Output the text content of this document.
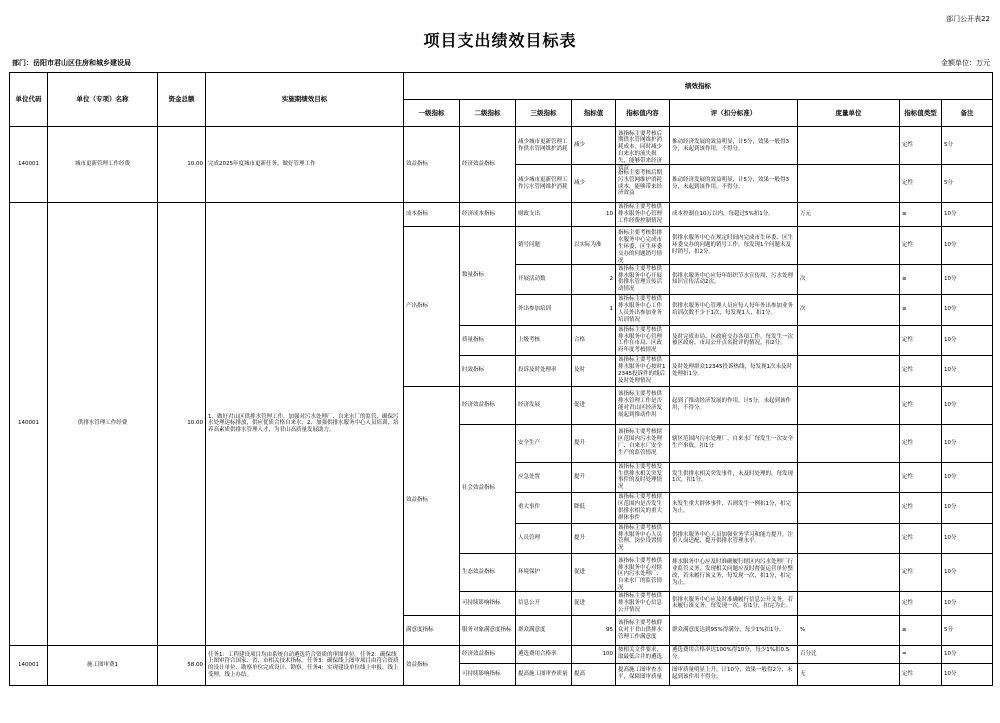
部门公开表22
项目支出绩效目标表
部门：岳阳市君山区住房和城乡建设局	金额单位：万元
单位代码	单位（专项）名称	资金总额	实施期绩效目标	绩效指标								
				一级指标	二级指标	三级指标	指标值	指标值内容	评（扣分标准）	度量单位	指标值类型	备注

140001	城市更新管理工作经费	10.00	完成2025年度城市更新任务，做好管理工作	效益指标	经济效益指标	减少城市更新管理工作供水管网维护消耗	减少	该指标主要考核后期供水管网维护消耗成本，同时减少自来水的流失损失，能够带来经济效益	推动经济发展的效益明显，计5分，效果一般得3分，未起到该作用，不得分。		定性	5分

						减少城市更新管理工作污水管网维护消耗	减少	指标主要考核后期污水管网维护消耗成本，能够带来经济效益	推动经济发展的效益明显，计5分，效果一般得3分，未起到该作用，不得分。		定性	5分

140001	供排水管理工作经费	10.00	1、做好君山区供排水管理工作，加强对污水处理厂、自来水厂的监管，确保污水处理达标排放，供应优质合格自来水；2、加强供排水服务中心人员培训，培养高素质供排水管理人才，为君山高质量发展助力。	成本指标	经济成本指标	财政支出	10	该指标主要考核供排水服务中心管理工作经费控制情况	成本控制在10万以内，每超过5%扣1分。	万元	≤	10分

				产出指标	数量指标	销号问题	以实际为准	指标主要考核供排水服务中心完成市生环委、区生环委交办的问题销号情况	供排水服务中心在规定时间内完成市生环委、区生环委交办的问题的销号工作，每发现1个问题未及时销号，扣2分。		定性	10分

						开展活动数	2	该指标主要考核供排水服务中心开展供排水管理宣传活动情况	供排水服务中心应每年组织节水宣传周、污水处理知识宣传活动2次。	次	≥	10分

						外出参加培训	1	该指标主要考核供排水服务中心工作人员外出参加业务培训情况	供排水服务中心管理人员应每人每年外出参加业务培训次数不少于1次，每发现1人，扣1分。	次	≥	10分

					质量指标	上级考核	合格	该指标主要考核供排水服务中心管理工作在市局、区政府年度考核情况	及时完成市局、区政府交办各项工作，每发生一次被区政府、市局公开点名批评的情况，扣2分。		定性	10分

					时效指标	投诉及时处理率	及时	该指标主要考核供排水服务中心按时12345投诉件的线后及时处理情况	及时处理群众12345投诉热线，每发现1次未及时处理扣1分。		定性	10分

				效益指标	经济效益指标	经济发展	促进	该指标主要考核供排水管理工作是否能对君山区经济发展起到推动作用	起到了推动经济发展的作用，计5分，未起到该作用，不得分。		定性	10分

					社会效益指标	安全生产	提升	该指标主要考核辖区范围内污水处理厂、自来水厂安全生产的监管情况	辖区范围内污水处理厂、自来水厂每发生一次安全生产事故，扣1分		定性	10分

						应急处置	提升	该指标主要考核发生供排水相关突发事件的及时处理情况	发生供排水相关突发事件，未及时处理的，每发现1次，扣1分。		定性	10分

						重大事件	降低	该指标主要考核辖区范围内是否发生供排水相关的重大群体事件	未发生重大群体事件，否则发生一例扣1分，扣完为止。		定性	10分

						人员管理	提升	该指标主要考核供排水服务中心人员管理、岗位设置情况	供排水服务中心人员加强业务学习和能力提升，注重人岗适配，提升供排水管理水平。		定性	10分

					生态效益指标	环境保护	促进	该指标主要考核供排水服务中心对辖区内污水处理厂、自来水厂的监管情况	排水服务中心应及时准确履行辖区内污水处理厂行业监管义务，发现相关问题应及时督促运营单位整改，若未履行该义务，每发现一次，扣1分，扣完为止。		定性	10分

					可持续影响指标	信息公开	促进	该指标主要考核供排水服务中心信息公开情况	供排水服务中心应及时准确履行信息公开义务，若未履行该义务，每发现一次，扣1分，扣完为止。		定性	10分

				满意度指标	服务对象满意度指标	群众满意度	95	该指标主要考核群众对于君山供排水管理工作满意度	群众满意度达到95%得满分，每少1%扣1分。	%	≥	5分

140001	施工图审费1	58.00	任务1：工程建设项目均由系统自动遴选符合资质的审图单位。任务2：确保线上图审符合国家、省、市相关技术指标。任务3：确保线上图审项目由符合资质的设计单位、勘察单位完成设计、勘察。任务4：实现建设单位线上申报，线上受理，线上办结。	效益指标	经济效益指标	遴选费用合格率	100	按相关文件要求，取最低合并的遴选	遴选费用合格率达100%得10分，每少1%扣0.5分。	百分比	=	10分

					可持续影响指标	提高施工图审查质量	提高	提高施工图审查水平，保障图审质量	图审质量明显上升，计10分，效果一般得2分，未起到该作用不得分。	无	定性	10分
